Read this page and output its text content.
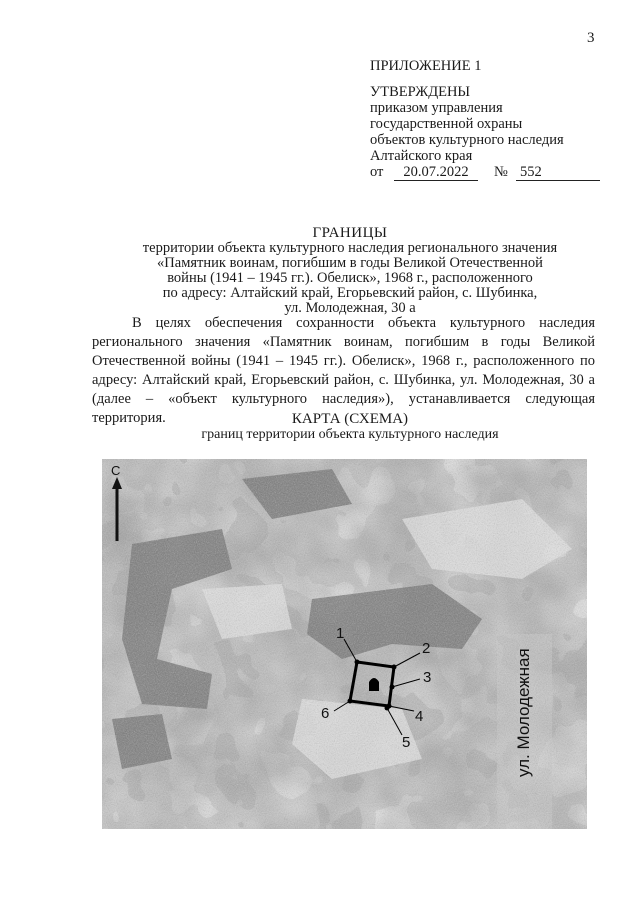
3
ПРИЛОЖЕНИЕ 1
УТВЕРЖДЕНЫ
приказом управления
государственной охраны
объектов культурного наследия
Алтайского края
от	20.07.2022	№ 552
ГРАНИЦЫ
территории объекта культурного наследия регионального значения
«Памятник воинам, погибшим в годы Великой Отечественной
войны (1941 – 1945 гг.). Обелиск», 1968 г., расположенного
по адресу: Алтайский край, Егорьевский район, с. Шубинка,
ул. Молодежная, 30 а
В целях обеспечения сохранности объекта культурного наследия регионального значения «Памятник воинам, погибшим в годы Великой Отечественной войны (1941 – 1945 гг.). Обелиск», 1968 г., расположенного по адресу: Алтайский край, Егорьевский район, с. Шубинка, ул. Молодежная, 30 а (далее – «объект культурного наследия»), устанавливается следующая территория.	КАРТА (СХЕМА)
границ территории объекта культурного наследия
С
1
2
3
4
5
6	ул. Молодежная
